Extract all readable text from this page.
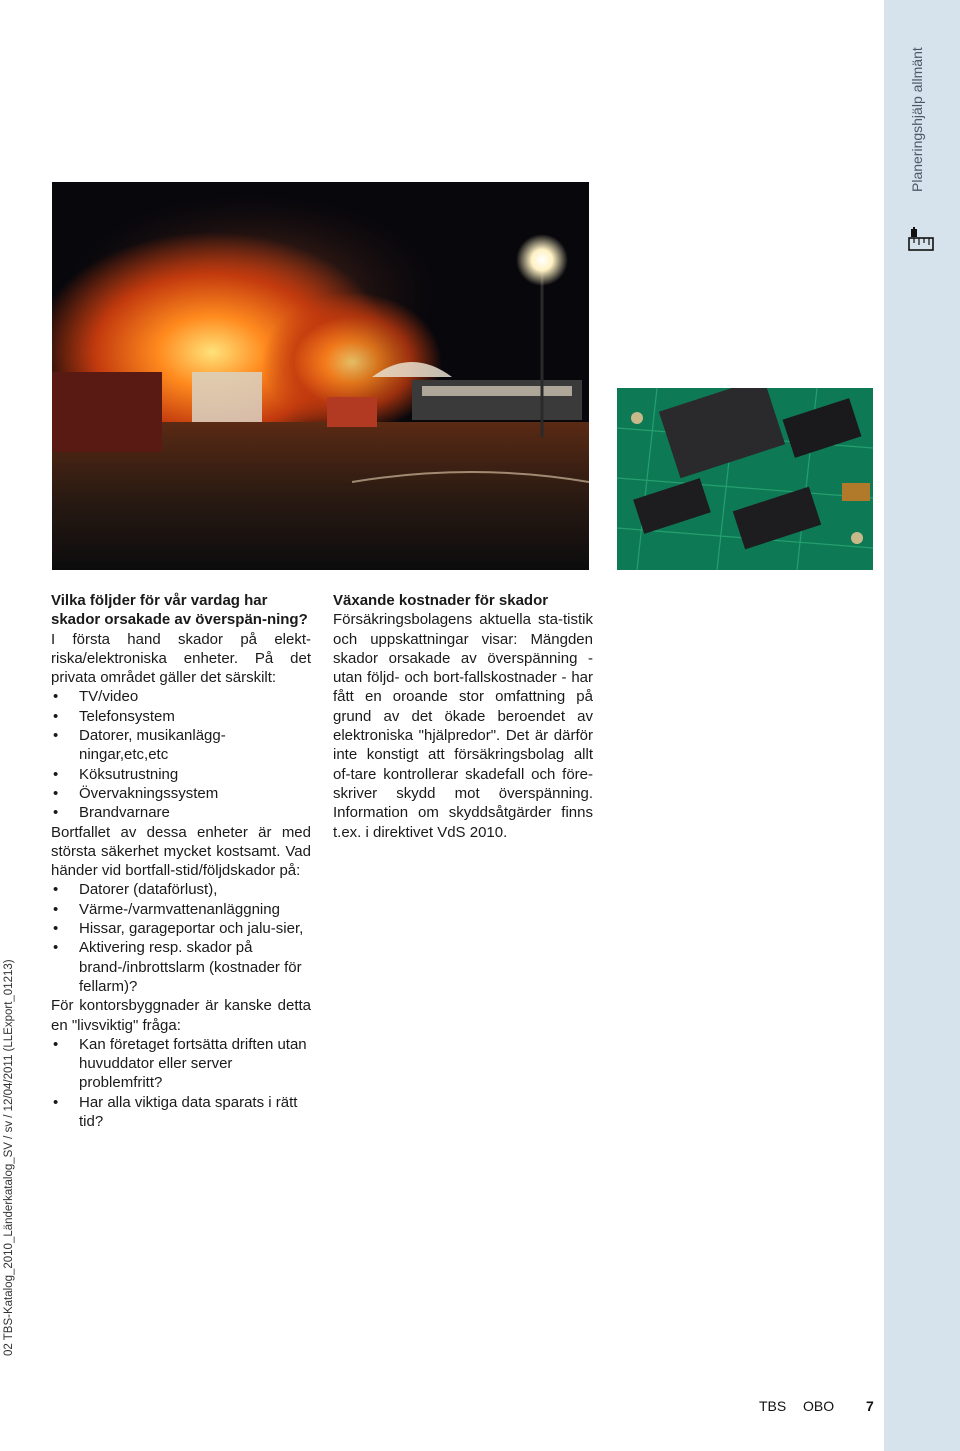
Planeringshjälp allmänt
02 TBS-Katalog_2010_Länderkatalog_SV / sv / 12/04/2011 (LLExport_01213)
Vilka följder för vår vardag har skador orsakade av överspän-ning?

I första hand skador på elekt-riska/elektroniska enheter. På det privata området gäller det särskilt:

• TV/video
• Telefonsystem
• Datorer, musikanlägg-ningar,etc,etc
• Köksutrustning
• Övervakningssystem
• Brandvarnare

Bortfallet av dessa enheter är med största säkerhet mycket kostsamt. Vad händer vid bortfall-stid/följdskador på:

• Datorer (dataförlust),
• Värme-/varmvattenanläggning
• Hissar, garageportar och jalu-sier,
• Aktivering resp. skador på brand-/inbrottslarm (kostnader för fellarm)?

För kontorsbyggnader är kanske detta en "livsviktig" fråga:

• Kan företaget fortsätta driften utan huvuddator eller server problemfritt?
• Har alla viktiga data sparats i rätt tid?
Växande kostnader för skador

Försäkringsbolagens aktuella sta-tistik och uppskattningar visar: Mängden skador orsakade av överspänning - utan följd- och bort-fallskostnader - har fått en oroande stor omfattning på grund av det ökade beroendet av elektroniska "hjälpredor". Det är därför inte konstigt att försäkringsbolag allt of-tare kontrollerar skadefall och före-skriver skydd mot överspänning. Information om skyddsåtgärder finns t.ex. i direktivet VdS 2010.

TBS OBO 7
